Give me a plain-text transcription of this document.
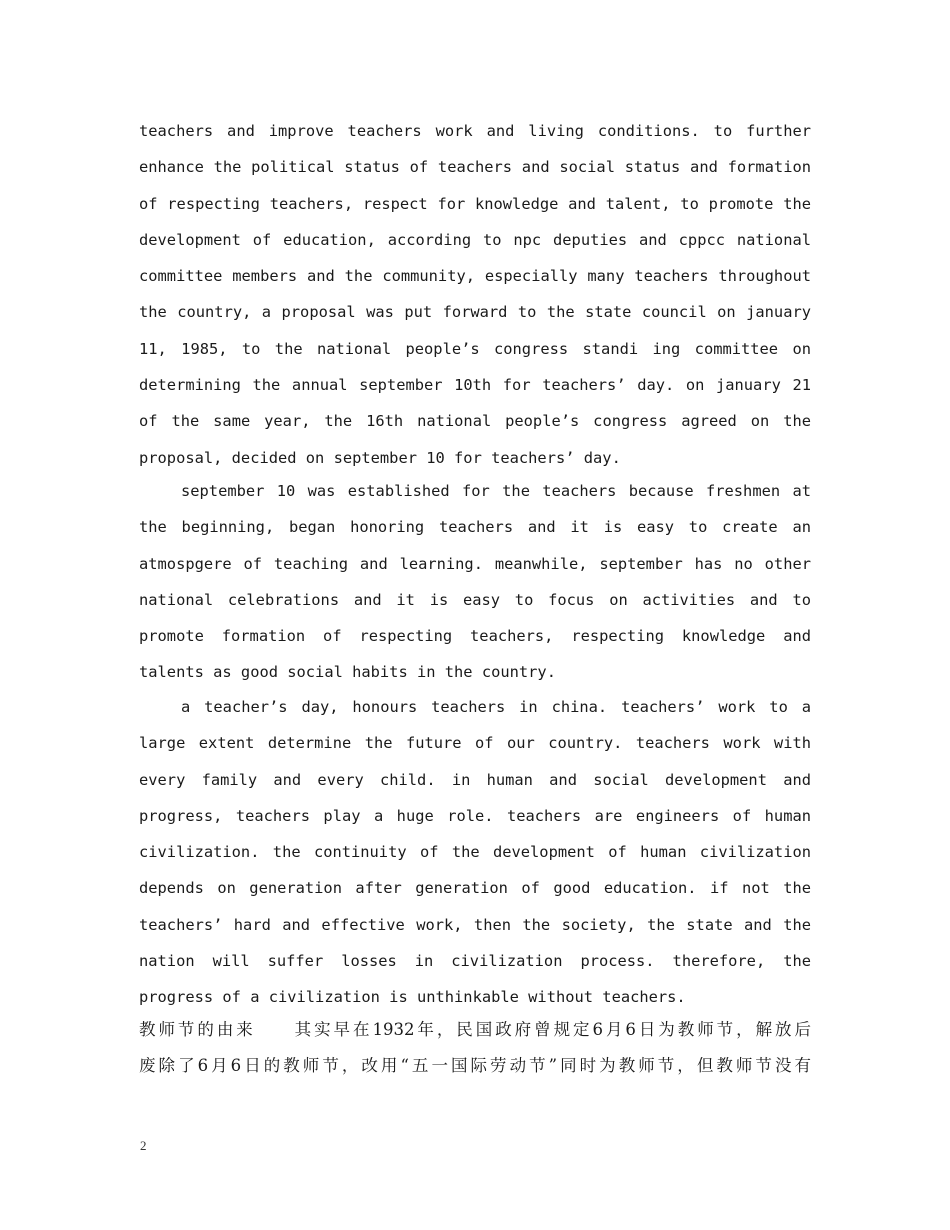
teachers and improve teachers work and living conditions. to further
enhance the political status of teachers and social status and formation
of respecting teachers, respect for knowledge and talent, to promote the
development of education, according to npc deputies and cppcc national
committee members and the community, especially many teachers throughout
the country, a proposal was put forward to the state council on january
11, 1985, to the national people’s congress standi ing committee on
determining the annual september 10th for teachers’ day. on january 21
of the same year, the 16th national people’s congress agreed on the
proposal, decided on september 10 for teachers’ day.
september 10 was established for the teachers because freshmen at
the beginning, began honoring teachers and it is easy to create an
atmospgere of teaching and learning. meanwhile, september has no other
national celebrations and it is easy to focus on activities and to
promote formation of respecting teachers, respecting knowledge and
talents as good social habits in the country.
a teacher’s day, honours teachers in china. teachers’ work to a
large extent determine the future of our country. teachers work with
every family and every child. in human and social development and
progress, teachers play a huge role. teachers are engineers of human
civilization. the continuity of the development of human civilization
depends on generation after generation of good education. if not the
teachers’ hard and effective work, then the society, the state and the
nation will suffer losses in civilization process. therefore, the
progress of a civilization is unthinkable without teachers.
教师节的由来　　其实早在1932年，民国政府曾规定6月6日为教师节，解放后
废除了6月6日的教师节，改用“五一国际劳动节”同时为教师节，但教师节没有
2
